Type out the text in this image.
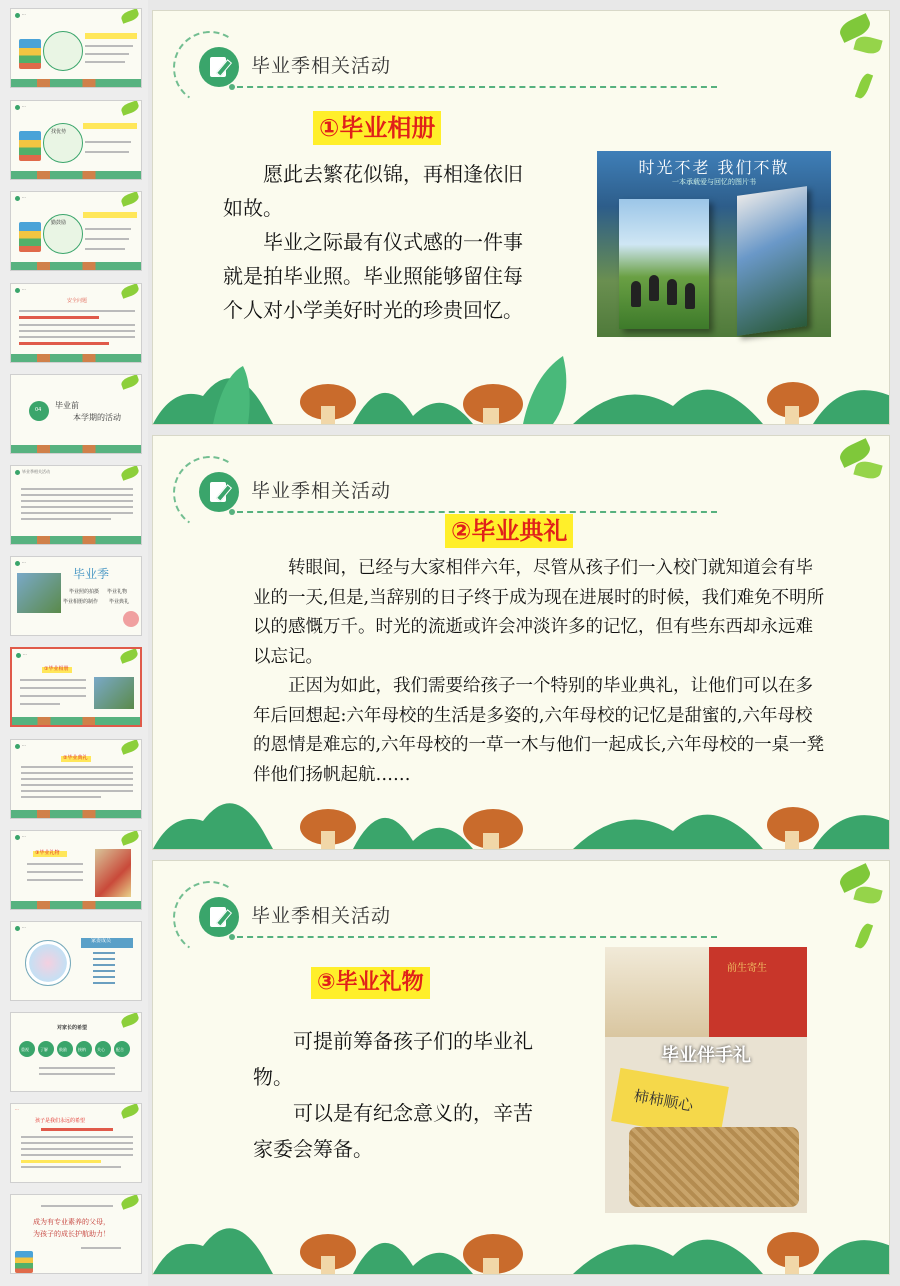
···
···
找优势
···
勤鼓励
···
安全问题
04 毕业前
本学期的活动
毕业季相关活动
···
毕业季
毕业照的拍摄 毕业礼物
毕业相册的制作 毕业典礼
···
①毕业相册
···
②毕业典礼
···
③毕业礼物
···
家委成员
对家长的希望
重视	了解	鼓励	接纳	关心	配合
···
孩子是我们永远的希望
成为有专业素养的父母，
为孩子的成长护航助力！
毕业季相关活动
①毕业相册

愿此去繁花似锦，再相逢依旧如故。

毕业之际最有仪式感的一件事就是拍毕业照。毕业照能够留住每个人对小学美好时光的珍贵回忆。

时光不老 我们不散
一本承载爱与回忆的图片书
毕业季相关活动
②毕业典礼

转眼间，已经与大家相伴六年，尽管从孩子们一入校门就知道会有毕业的一天,但是,当辞别的日子终于成为现在进展时的时候，我们难免不明所以的感慨万千。时光的流逝或许会冲淡许多的记忆，但有些东西却永远难以忘记。

正因为如此，我们需要给孩子一个特别的毕业典礼，让他们可以在多年后回想起:六年母校的生活是多姿的,六年母校的记忆是甜蜜的,六年母校的恩情是难忘的,六年母校的一草一木与他们一起成长,六年母校的一桌一凳伴他们扬帆起航……

毕业季相关活动
③毕业礼物

可提前筹备孩子们的毕业礼物。

可以是有纪念意义的，辛苦家委会筹备。

前生寄生
毕业伴手礼
柿柿顺心
